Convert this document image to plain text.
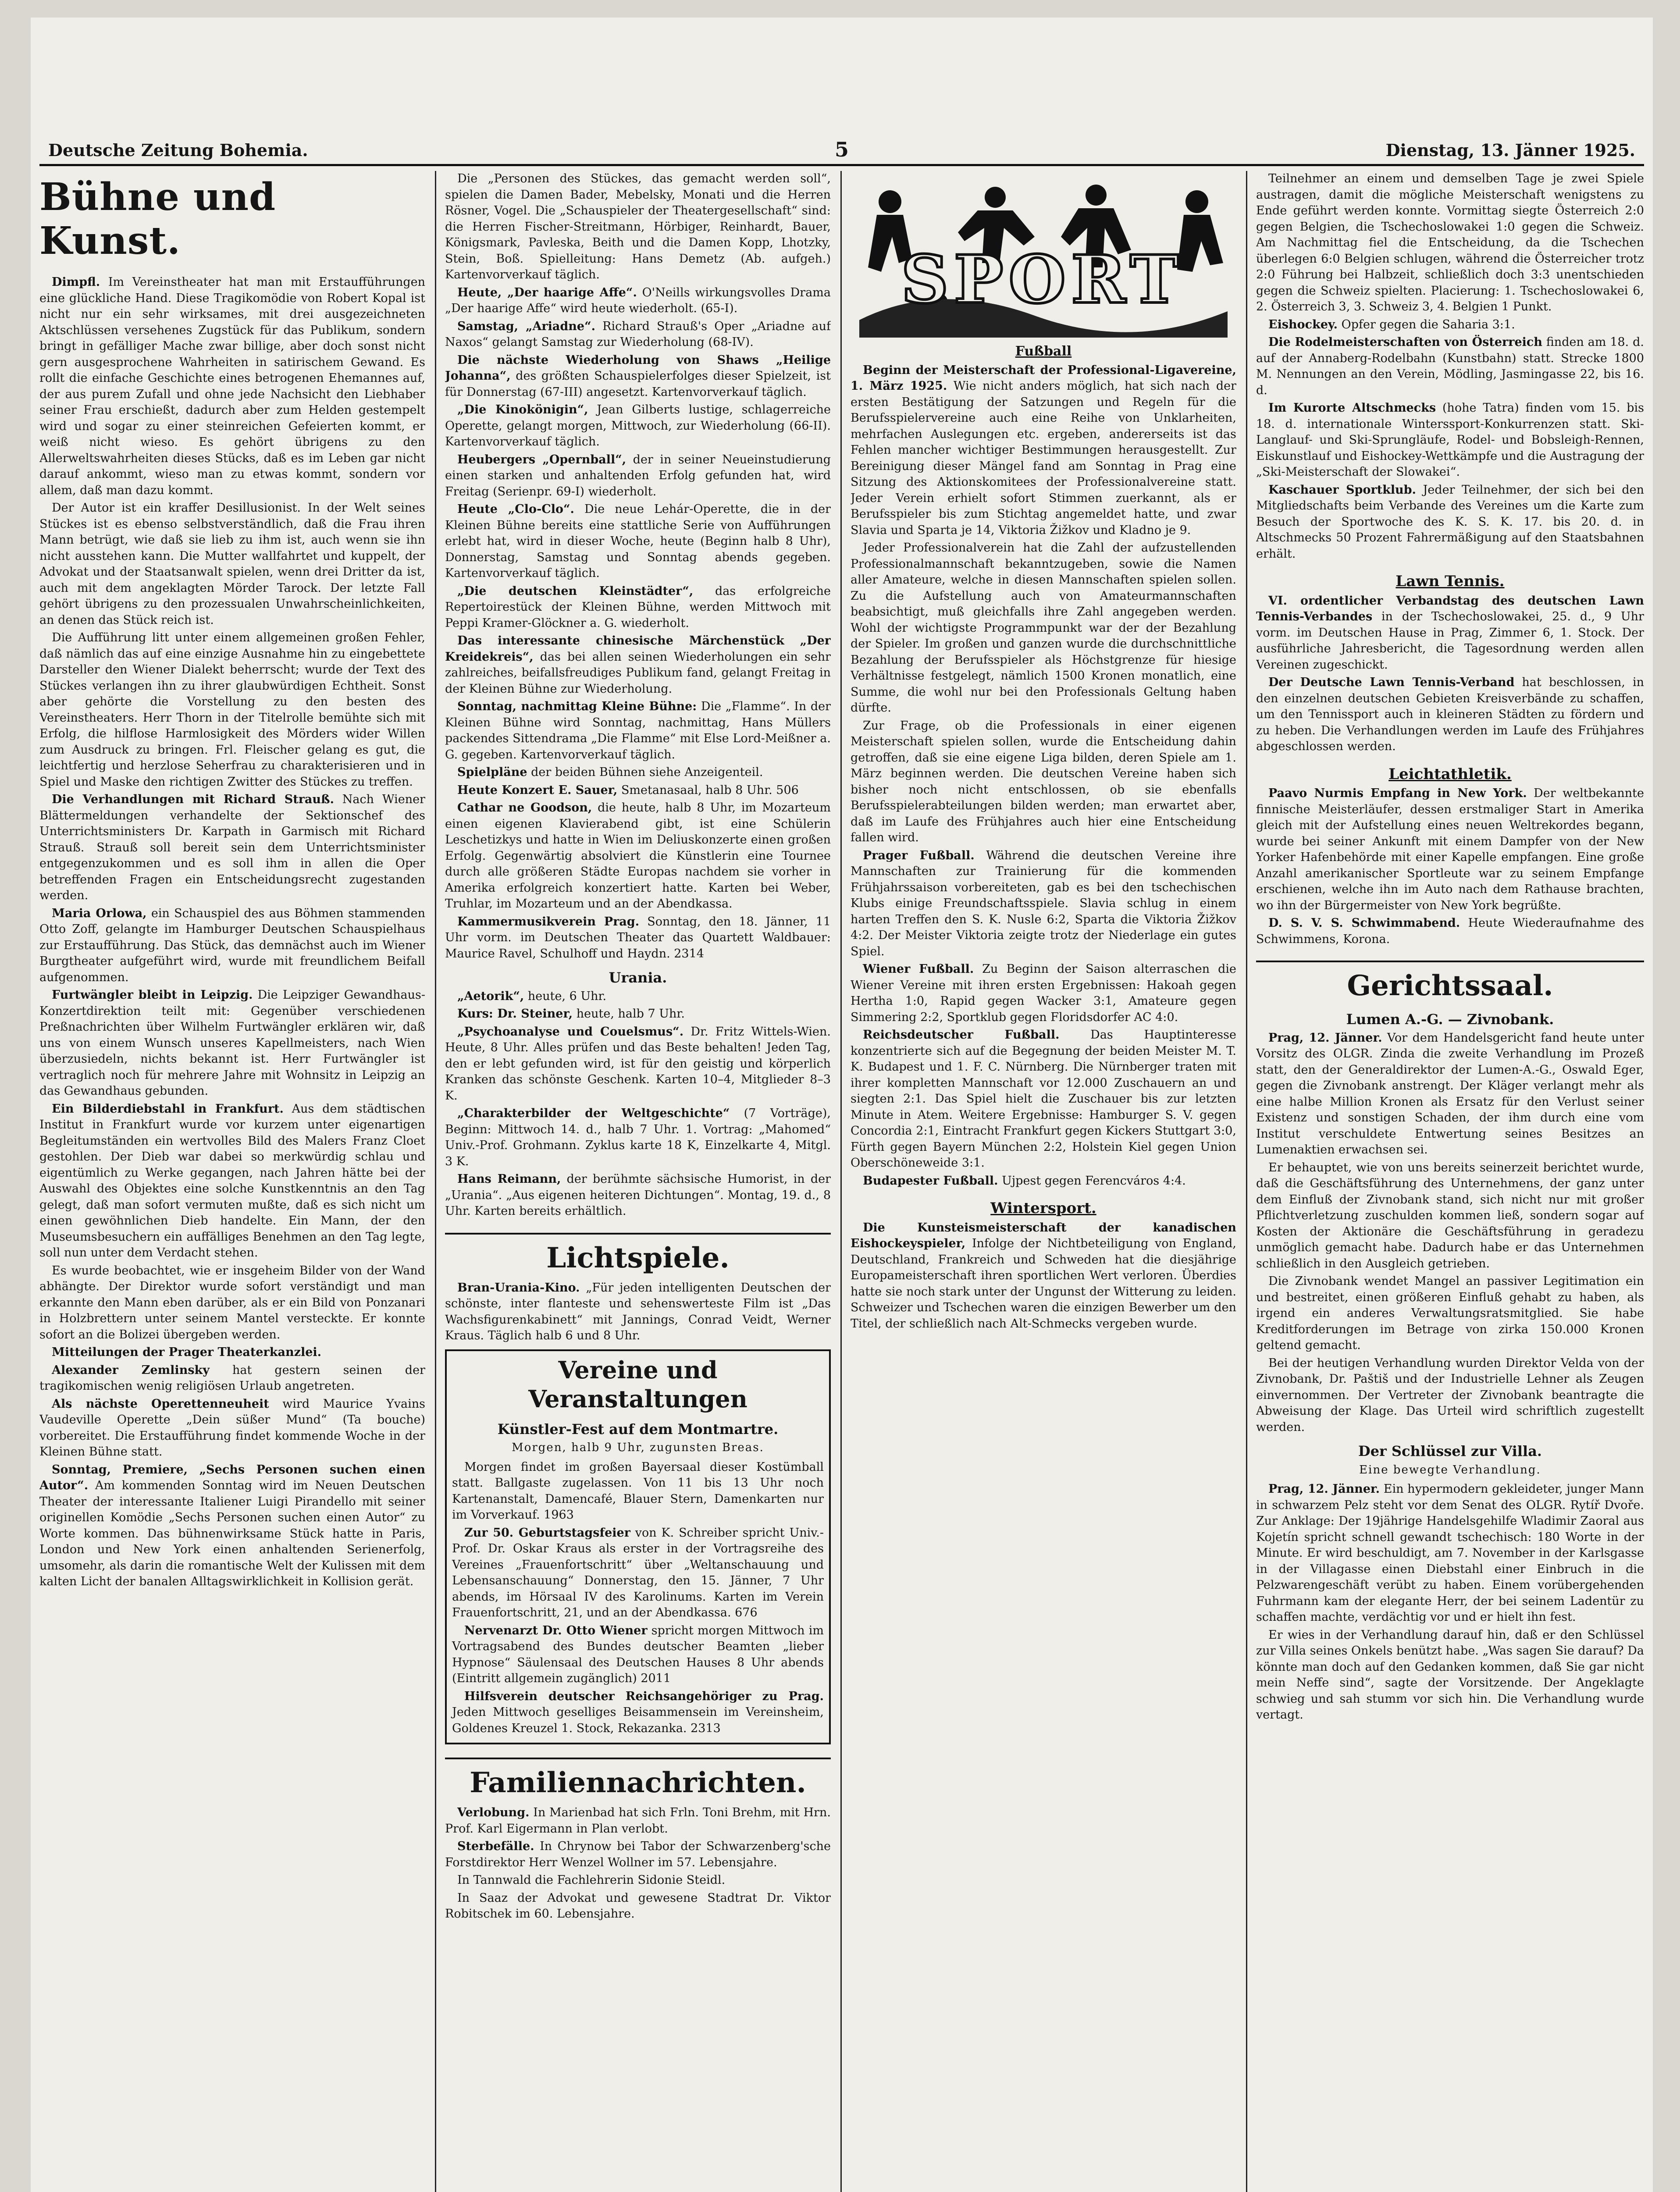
Deutsche Zeitung Bohemia.	5	Dienstag, 13. Jänner 1925.
Bühne und Kunst.

Dimpfl. Im Vereinstheater hat man mit Erstaufführungen eine glückliche Hand. Diese Tragikomödie von Robert Kopal ist nicht nur ein sehr wirksames, mit drei ausgezeichneten Aktschlüssen versehenes Zugstück für das Publikum, sondern bringt in gefälliger Mache zwar billige, aber doch sonst nicht gern ausgesprochene Wahrheiten in satirischem Gewand. Es rollt die einfache Geschichte eines betrogenen Ehemannes auf, der aus purem Zufall und ohne jede Nachsicht den Liebhaber seiner Frau erschießt, dadurch aber zum Helden gestempelt wird und sogar zu einer steinreichen Gefeierten kommt, er weiß nicht wieso. Es gehört übrigens zu den Allerweltswahrheiten dieses Stücks, daß es im Leben gar nicht darauf ankommt, wieso man zu etwas kommt, sondern vor allem, daß man dazu kommt.

Der Autor ist ein kraffer Desillusionist. In der Welt seines Stückes ist es ebenso selbstverständlich, daß die Frau ihren Mann betrügt, wie daß sie lieb zu ihm ist, auch wenn sie ihn nicht ausstehen kann. Die Mutter wallfahrtet und kuppelt, der Advokat und der Staatsanwalt spielen, wenn drei Dritter da ist, auch mit dem angeklagten Mörder Tarock. Der letzte Fall gehört übrigens zu den prozessualen Unwahrscheinlichkeiten, an denen das Stück reich ist.

Die Aufführung litt unter einem allgemeinen großen Fehler, daß nämlich das auf eine einzige Ausnahme hin zu eingebettete Darsteller den Wiener Dialekt beherrscht; wurde der Text des Stückes verlangen ihn zu ihrer glaubwürdigen Echtheit. Sonst aber gehörte die Vorstellung zu den besten des Vereinstheaters. Herr Thorn in der Titelrolle bemühte sich mit Erfolg, die hilflose Harmlosigkeit des Mörders wider Willen zum Ausdruck zu bringen. Frl. Fleischer gelang es gut, die leichtfertig und herzlose Seherfrau zu charakterisieren und in Spiel und Maske den richtigen Zwitter des Stückes zu treffen.

Die Verhandlungen mit Richard Strauß. Nach Wiener Blättermeldungen verhandelte der Sektionschef des Unterrichtsministers Dr. Karpath in Garmisch mit Richard Strauß. Strauß soll bereit sein dem Unterrichtsminister entgegenzukommen und es soll ihm in allen die Oper betreffenden Fragen ein Entscheidungsrecht zugestanden werden.

Maria Orlowa, ein Schauspiel des aus Böhmen stammenden Otto Zoff, gelangte im Hamburger Deutschen Schauspielhaus zur Erstaufführung. Das Stück, das demnächst auch im Wiener Burgtheater aufgeführt wird, wurde mit freundlichem Beifall aufgenommen.

Furtwängler bleibt in Leipzig. Die Leipziger Gewandhaus-Konzertdirektion teilt mit: Gegenüber verschiedenen Preßnachrichten über Wilhelm Furtwängler erklären wir, daß uns von einem Wunsch unseres Kapellmeisters, nach Wien überzusiedeln, nichts bekannt ist. Herr Furtwängler ist vertraglich noch für mehrere Jahre mit Wohnsitz in Leipzig an das Gewandhaus gebunden.

Ein Bilderdiebstahl in Frankfurt. Aus dem städtischen Institut in Frankfurt wurde vor kurzem unter eigenartigen Begleitumständen ein wertvolles Bild des Malers Franz Cloet gestohlen. Der Dieb war dabei so merkwürdig schlau und eigentümlich zu Werke gegangen, nach Jahren hätte bei der Auswahl des Objektes eine solche Kunstkenntnis an den Tag gelegt, daß man sofort vermuten mußte, daß es sich nicht um einen gewöhnlichen Dieb handelte. Ein Mann, der den Museumsbesuchern ein auffälliges Benehmen an den Tag legte, soll nun unter dem Verdacht stehen.

Es wurde beobachtet, wie er insgeheim Bilder von der Wand abhängte. Der Direktor wurde sofort verständigt und man erkannte den Mann eben darüber, als er ein Bild von Ponzanari in Holzbrettern unter seinem Mantel versteckte. Er konnte sofort an die Bolizei übergeben werden.

Mitteilungen der Prager Theaterkanzlei.

Alexander Zemlinsky hat gestern seinen der tragikomischen wenig religiösen Urlaub angetreten.

Als nächste Operettenneuheit wird Maurice Yvains Vaudeville Operette „Dein süßer Mund“ (Ta bouche) vorbereitet. Die Erstaufführung findet kommende Woche in der Kleinen Bühne statt.

Sonntag, Premiere, „Sechs Personen suchen einen Autor“. Am kommenden Sonntag wird im Neuen Deutschen Theater der interessante Italiener Luigi Pirandello mit seiner originellen Komödie „Sechs Personen suchen einen Autor“ zu Worte kommen. Das bühnenwirksame Stück hatte in Paris, London und New York einen anhaltenden Serienerfolg, umsomehr, als darin die romantische Welt der Kulissen mit dem kalten Licht der banalen Alltagswirklichkeit in Kollision gerät.

Die „Personen des Stückes, das gemacht werden soll“, spielen die Damen Bader, Mebelsky, Monati und die Herren Rösner, Vogel. Die „Schauspieler der Theatergesellschaft“ sind: die Herren Fischer-Streitmann, Hörbiger, Reinhardt, Bauer, Königsmark, Pavleska, Beith und die Damen Kopp, Lhotzky, Stein, Boß. Spielleitung: Hans Demetz (Ab. aufgeh.) Kartenvorverkauf täglich.

Heute, „Der haarige Affe“. O'Neills wirkungsvolles Drama „Der haarige Affe“ wird heute wiederholt. (65-I).

Samstag, „Ariadne“. Richard Strauß's Oper „Ariadne auf Naxos“ gelangt Samstag zur Wiederholung (68-IV).

Die nächste Wiederholung von Shaws „Heilige Johanna“, des größten Schauspielerfolges dieser Spielzeit, ist für Donnerstag (67-III) angesetzt. Kartenvorverkauf täglich.

„Die Kinokönigin“, Jean Gilberts lustige, schlagerreiche Operette, gelangt morgen, Mittwoch, zur Wiederholung (66-II). Kartenvorverkauf täglich.

Heubergers „Opernball“, der in seiner Neueinstudierung einen starken und anhaltenden Erfolg gefunden hat, wird Freitag (Serienpr. 69-I) wiederholt.

Heute „Clo-Clo“. Die neue Lehár-Operette, die in der Kleinen Bühne bereits eine stattliche Serie von Aufführungen erlebt hat, wird in dieser Woche, heute (Beginn halb 8 Uhr), Donnerstag, Samstag und Sonntag abends gegeben. Kartenvorverkauf täglich.

„Die deutschen Kleinstädter“, das erfolgreiche Repertoirestück der Kleinen Bühne, werden Mittwoch mit Peppi Kramer-Glöckner a. G. wiederholt.

Das interessante chinesische Märchenstück „Der Kreidekreis“, das bei allen seinen Wiederholungen ein sehr zahlreiches, beifallsfreudiges Publikum fand, gelangt Freitag in der Kleinen Bühne zur Wiederholung.

Sonntag, nachmittag Kleine Bühne: Die „Flamme“. In der Kleinen Bühne wird Sonntag, nachmittag, Hans Müllers packendes Sittendrama „Die Flamme“ mit Else Lord-Meißner a. G. gegeben. Kartenvorverkauf täglich.

Spielpläne der beiden Bühnen siehe Anzeigenteil.

Heute Konzert E. Sauer, Smetanasaal, halb 8 Uhr. 506

Cathar ne Goodson, die heute, halb 8 Uhr, im Mozarteum einen eigenen Klavierabend gibt, ist eine Schülerin Leschetizkys und hatte in Wien im Deliuskonzerte einen großen Erfolg. Gegenwärtig absolviert die Künstlerin eine Tournee durch alle größeren Städte Europas nachdem sie vorher in Amerika erfolgreich konzertiert hatte. Karten bei Weber, Truhlar, im Mozarteum und an der Abendkassa.

Kammermusikverein Prag. Sonntag, den 18. Jänner, 11 Uhr vorm. im Deutschen Theater das Quartett Waldbauer: Maurice Ravel, Schulhoff und Haydn. 2314

Urania.

„Aetorik“, heute, 6 Uhr.

Kurs: Dr. Steiner, heute, halb 7 Uhr.

„Psychoanalyse und Couelsmus“. Dr. Fritz Wittels-Wien. Heute, 8 Uhr. Alles prüfen und das Beste behalten! Jeden Tag, den er lebt gefunden wird, ist für den geistig und körperlich Kranken das schönste Geschenk. Karten 10–4, Mitglieder 8–3 K.

„Charakterbilder der Weltgeschichte“ (7 Vorträge), Beginn: Mittwoch 14. d., halb 7 Uhr. 1. Vortrag: „Mahomed“ Univ.-Prof. Grohmann. Zyklus karte 18 K, Einzelkarte 4, Mitgl. 3 K.

Hans Reimann, der berühmte sächsische Humorist, in der „Urania“. „Aus eigenen heiteren Dichtungen“. Montag, 19. d., 8 Uhr. Karten bereits erhältlich.

Lichtspiele.

Bran-Urania-Kino. „Für jeden intelligenten Deutschen der schönste, inter flanteste und sehenswerteste Film ist „Das Wachsfigurenkabinett“ mit Jannings, Conrad Veidt, Werner Kraus. Täglich halb 6 und 8 Uhr.

Vereine und Veranstaltungen
Künstler-Fest auf dem Montmartre.
Morgen, halb 9 Uhr, zugunsten Breas.

Morgen findet im großen Bayersaal dieser Kostümball statt. Ballgaste zugelassen. Von 11 bis 13 Uhr noch Kartenanstalt, Damencafé, Blauer Stern, Damenkarten nur im Vorverkauf. 1963

Zur 50. Geburtstagsfeier von K. Schreiber spricht Univ.-Prof. Dr. Oskar Kraus als erster in der Vortragsreihe des Vereines „Frauenfortschritt“ über „Weltanschauung und Lebensanschauung“ Donnerstag, den 15. Jänner, 7 Uhr abends, im Hörsaal IV des Karolinums. Karten im Verein Frauenfortschritt, 21, und an der Abendkassa. 676

Nervenarzt Dr. Otto Wiener spricht morgen Mittwoch im Vortragsabend des Bundes deutscher Beamten „lieber Hypnose“ Säulensaal des Deutschen Hauses 8 Uhr abends (Eintritt allgemein zugänglich) 2011

Hilfsverein deutscher Reichsangehöriger zu Prag. Jeden Mittwoch geselliges Beisammensein im Vereinsheim, Goldenes Kreuzel 1. Stock, Rekazanka. 2313

Familiennachrichten.

Verlobung. In Marienbad hat sich Frln. Toni Brehm, mit Hrn. Prof. Karl Eigermann in Plan verlobt.

Sterbefälle. In Chrynow bei Tabor der Schwarzenberg'sche Forstdirektor Herr Wenzel Wollner im 57. Lebensjahre.

In Tannwald die Fachlehrerin Sidonie Steidl.

In Saaz der Advokat und gewesene Stadtrat Dr. Viktor Robitschek im 60. Lebensjahre.

SPORT
Fußball

Beginn der Meisterschaft der Professional-Ligavereine, 1. März 1925. Wie nicht anders möglich, hat sich nach der ersten Bestätigung der Satzungen und Regeln für die Berufsspielervereine auch eine Reihe von Unklarheiten, mehrfachen Auslegungen etc. ergeben, andererseits ist das Fehlen mancher wichtiger Bestimmungen herausgestellt. Zur Bereinigung dieser Mängel fand am Sonntag in Prag eine Sitzung des Aktionskomitees der Professionalvereine statt. Jeder Verein erhielt sofort Stimmen zuerkannt, als er Berufsspieler bis zum Stichtag angemeldet hatte, und zwar Slavia und Sparta je 14, Viktoria Žižkov und Kladno je 9.

Jeder Professionalverein hat die Zahl der aufzustellenden Professionalmannschaft bekanntzugeben, sowie die Namen aller Amateure, welche in diesen Mannschaften spielen sollen. Zu die Aufstellung auch von Amateurmannschaften beabsichtigt, muß gleichfalls ihre Zahl angegeben werden. Wohl der wichtigste Programmpunkt war der der Bezahlung der Spieler. Im großen und ganzen wurde die durchschnittliche Bezahlung der Berufsspieler als Höchstgrenze für hiesige Verhältnisse festgelegt, nämlich 1500 Kronen monatlich, eine Summe, die wohl nur bei den Professionals Geltung haben dürfte.

Zur Frage, ob die Professionals in einer eigenen Meisterschaft spielen sollen, wurde die Entscheidung dahin getroffen, daß sie eine eigene Liga bilden, deren Spiele am 1. März beginnen werden. Die deutschen Vereine haben sich bisher noch nicht entschlossen, ob sie ebenfalls Berufsspielerabteilungen bilden werden; man erwartet aber, daß im Laufe des Frühjahres auch hier eine Entscheidung fallen wird.

Prager Fußball. Während die deutschen Vereine ihre Mannschaften zur Trainierung für die kommenden Frühjahrssaison vorbereiteten, gab es bei den tschechischen Klubs einige Freundschaftsspiele. Slavia schlug in einem harten Treffen den S. K. Nusle 6:2, Sparta die Viktoria Žižkov 4:2. Der Meister Viktoria zeigte trotz der Niederlage ein gutes Spiel.

Wiener Fußball. Zu Beginn der Saison alterraschen die Wiener Vereine mit ihren ersten Ergebnissen: Hakoah gegen Hertha 1:0, Rapid gegen Wacker 3:1, Amateure gegen Simmering 2:2, Sportklub gegen Floridsdorfer AC 4:0.

Reichsdeutscher Fußball.	Das Hauptinteresse konzentrierte sich auf die Begegnung der beiden Meister M. T. K. Budapest und 1. F. C. Nürnberg. Die Nürnberger traten mit ihrer kompletten Mannschaft vor 12.000 Zuschauern an und siegten 2:1. Das Spiel hielt die Zuschauer bis zur letzten Minute in Atem. Weitere Ergebnisse: Hamburger S. V. gegen Concordia 2:1, Eintracht Frankfurt gegen Kickers Stuttgart 3:0, Fürth gegen Bayern München 2:2, Holstein Kiel gegen Union Oberschöneweide 3:1.

Budapester Fußball. Ujpest gegen Ferencváros 4:4.

Wintersport.

Die Kunsteismeisterschaft der kanadischen Eishockeyspieler, Infolge der Nichtbeteiligung von England, Deutschland, Frankreich und Schweden hat die diesjährige Europameisterschaft ihren sportlichen Wert verloren. Überdies hatte sie noch stark unter der Ungunst der Witterung zu leiden. Schweizer und Tschechen waren die einzigen Bewerber um den Titel, der schließlich nach Alt-Schmecks vergeben wurde.

Teilnehmer an einem und demselben Tage je zwei Spiele austragen, damit die mögliche Meisterschaft wenigstens zu Ende geführt werden konnte. Vormittag siegte Österreich 2:0 gegen Belgien, die Tschechoslowakei 1:0 gegen die Schweiz. Am Nachmittag fiel die Entscheidung, da die Tschechen überlegen 6:0 Belgien schlugen, während die Österreicher trotz 2:0 Führung bei Halbzeit, schließlich doch 3:3 unentschieden gegen die Schweiz spielten. Placierung: 1. Tschechoslowakei 6, 2. Österreich 3, 3. Schweiz 3, 4. Belgien 1 Punkt.

Eishockey. Opfer gegen die Saharia 3:1.

Die Rodelmeisterschaften von Österreich finden am 18. d. auf der Annaberg-Rodelbahn (Kunstbahn) statt. Strecke 1800 M. Nennungen an den Verein, Mödling, Jasmingasse 22, bis 16. d.

Im Kurorte Altschmecks (hohe Tatra) finden vom 15. bis 18. d. internationale Winterssport-Konkurrenzen statt. Ski-Langlauf- und Ski-Sprungläufe, Rodel- und Bobsleigh-Rennen, Eiskunstlauf und Eishockey-Wettkämpfe und die Austragung der „Ski-Meisterschaft der Slowakei“.

Kaschauer Sportklub. Jeder Teilnehmer, der sich bei den Mitgliedschafts beim Verbande des Vereines um die Karte zum Besuch der Sportwoche des K. S. K. 17. bis 20. d. in Altschmecks 50 Prozent Fahrermäßigung auf den Staatsbahnen erhält.

Lawn Tennis.

VI. ordentlicher Verbandstag des deutschen Lawn Tennis-Verbandes in der Tschechoslowakei, 25. d., 9 Uhr vorm. im Deutschen Hause in Prag, Zimmer 6, 1. Stock. Der ausführliche Jahresbericht, die Tagesordnung werden allen Vereinen zugeschickt.

Der Deutsche Lawn Tennis-Verband hat beschlossen, in den einzelnen deutschen Gebieten Kreisverbände zu schaffen, um den Tennissport auch in kleineren Städten zu fördern und zu heben. Die Verhandlungen werden im Laufe des Frühjahres abgeschlossen werden.

Leichtathletik.

Paavo Nurmis Empfang in New York. Der weltbekannte finnische Meisterläufer, dessen erstmaliger Start in Amerika gleich mit der Aufstellung eines neuen Weltrekordes begann, wurde bei seiner Ankunft mit einem Dampfer von der New Yorker Hafenbehörde mit einer Kapelle empfangen. Eine große Anzahl amerikanischer Sportleute war zu seinem Empfange erschienen, welche ihn im Auto nach dem Rathause brachten, wo ihn der Bürgermeister von New York begrüßte.

D. S. V. S. Schwimmabend. Heute Wiederaufnahme des Schwimmens, Korona.

Gerichtssaal.
Lumen A.-G. — Zivnobank.

Prag, 12. Jänner. Vor dem Handelsgericht fand heute unter Vorsitz des OLGR. Zinda die zweite Verhandlung im Prozeß statt, den der Generaldirektor der Lumen-A.-G., Oswald Eger, gegen die Zivnobank anstrengt. Der Kläger verlangt mehr als eine halbe Million Kronen als Ersatz für den Verlust seiner Existenz und sonstigen Schaden, der ihm durch eine vom Institut verschuldete Entwertung seines Besitzes an Lumenaktien erwachsen sei.

Er behauptet, wie von uns bereits seinerzeit berichtet wurde, daß die Geschäftsführung des Unternehmens, der ganz unter dem Einfluß der Zivnobank stand, sich nicht nur mit großer Pflichtverletzung zuschulden kommen ließ, sondern sogar auf Kosten der Aktionäre die Geschäftsführung in geradezu unmöglich gemacht habe. Dadurch habe er das Unternehmen schließlich in den Ausgleich getrieben.

Die Zivnobank wendet Mangel an passiver Legitimation ein und bestreitet, einen größeren Einfluß gehabt zu haben, als irgend ein anderes Verwaltungsratsmitglied. Sie habe Kreditforderungen im Betrage von zirka 150.000 Kronen geltend gemacht.

Bei der heutigen Verhandlung wurden Direktor Velda von der Zivnobank, Dr. Paštiš und der Industrielle Lehner als Zeugen einvernommen. Der Vertreter der Zivnobank beantragte die Abweisung der Klage. Das Urteil wird schriftlich zugestellt werden.

Der Schlüssel zur Villa.
Eine bewegte Verhandlung.

Prag, 12. Jänner. Ein hypermodern gekleideter, junger Mann in schwarzem Pelz steht vor dem Senat des OLGR. Rytíř Dvoře. Zur Anklage: Der 19jährige Handelsgehilfe Wladimir Zaoral aus Kojetín spricht schnell gewandt tschechisch: 180 Worte in der Minute. Er wird beschuldigt, am 7. November in der Karlsgasse in der Villagasse einen Diebstahl einer Einbruch in die Pelzwarengeschäft verübt zu haben. Einem vorübergehenden Fuhrmann kam der elegante Herr, der bei seinem Ladentür zu schaffen machte, verdächtig vor und er hielt ihn fest.

Er wies in der Verhandlung darauf hin, daß er den Schlüssel zur Villa seines Onkels benützt habe. „Was sagen Sie darauf? Da könnte man doch auf den Gedanken kommen, daß Sie gar nicht mein Neffe sind“, sagte der Vorsitzende. Der Angeklagte schwieg und sah stumm vor sich hin. Die Verhandlung wurde vertagt.
